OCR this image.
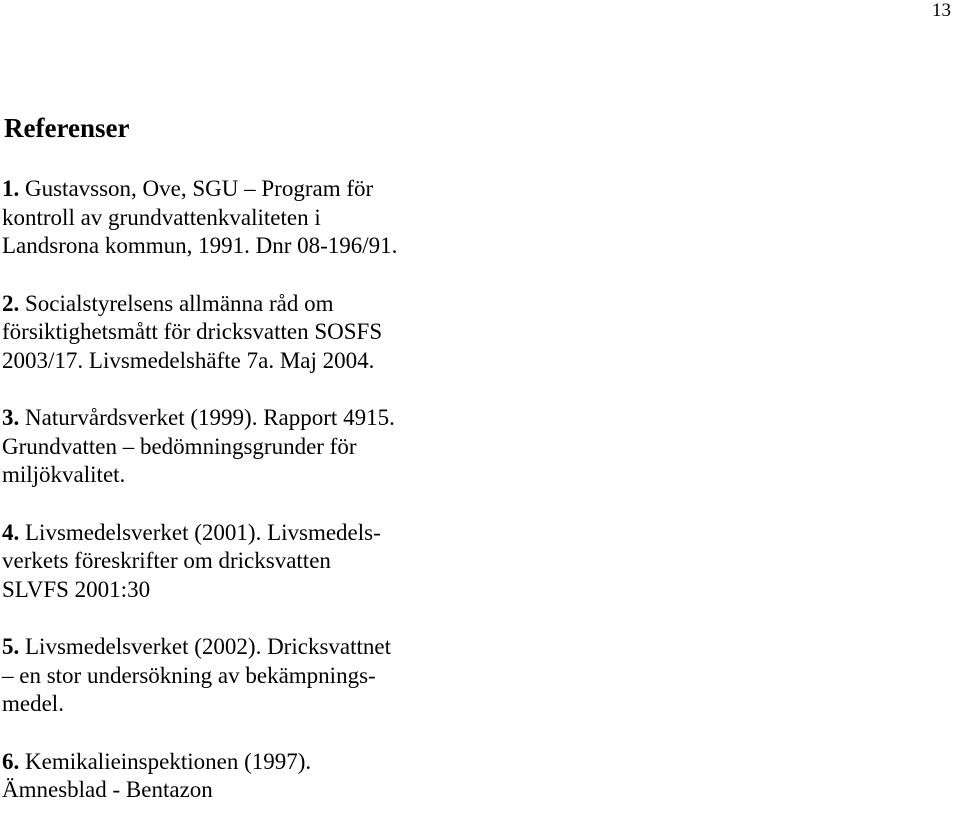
13
Referenser
1. Gustavsson, Ove, SGU – Program för
kontroll av grundvattenkvaliteten i
Landsrona kommun, 1991. Dnr 08-196/91.
2. Socialstyrelsens allmänna råd om
försiktighetsmått för dricksvatten SOSFS
2003/17. Livsmedelshäfte 7a. Maj 2004.
3. Naturvårdsverket (1999). Rapport 4915.
Grundvatten – bedömningsgrunder för
miljökvalitet.
4. Livsmedelsverket (2001). Livsmedels-
verkets föreskrifter om dricksvatten
SLVFS 2001:30
5. Livsmedelsverket (2002). Dricksvattnet
– en stor undersökning av bekämpnings-
medel.
6. Kemikalieinspektionen (1997).
Ämnesblad - Bentazon
